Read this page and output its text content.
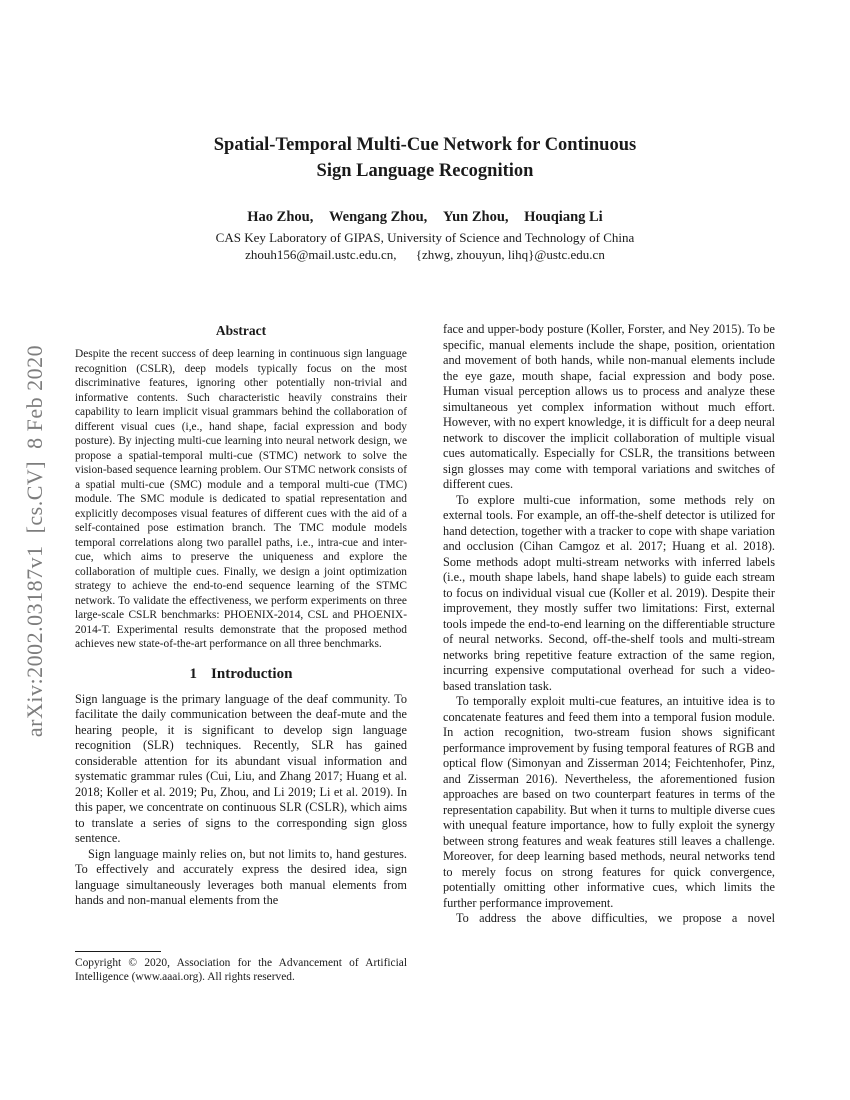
arXiv:2002.03187v1  [cs.CV]  8 Feb 2020
Spatial-Temporal Multi-Cue Network for Continuous
Sign Language Recognition
Hao Zhou, Wengang Zhou, Yun Zhou, Houqiang Li
CAS Key Laboratory of GIPAS, University of Science and Technology of China
zhouh156@mail.ustc.edu.cn, {zhwg, zhouyun, lihq}@ustc.edu.cn
Abstract

Despite the recent success of deep learning in continuous sign language recognition (CSLR), deep models typically focus on the most discriminative features, ignoring other potentially non-trivial and informative contents. Such characteristic heavily constrains their capability to learn implicit visual grammars behind the collaboration of different visual cues (i,e., hand shape, facial expression and body posture). By injecting multi-cue learning into neural network design, we propose a spatial-temporal multi-cue (STMC) network to solve the vision-based sequence learning problem. Our STMC network consists of a spatial multi-cue (SMC) module and a temporal multi-cue (TMC) module. The SMC module is dedicated to spatial representation and explicitly decomposes visual features of different cues with the aid of a self-contained pose estimation branch. The TMC module models temporal correlations along two parallel paths, i.e., intra-cue and inter-cue, which aims to preserve the uniqueness and explore the collaboration of multiple cues. Finally, we design a joint optimization strategy to achieve the end-to-end sequence learning of the STMC network. To validate the effectiveness, we perform experiments on three large-scale CSLR benchmarks: PHOENIX-2014, CSL and PHOENIX-2014-T. Experimental results demonstrate that the proposed method achieves new state-of-the-art performance on all three benchmarks.

1 Introduction

Sign language is the primary language of the deaf community. To facilitate the daily communication between the deaf-mute and the hearing people, it is significant to develop sign language recognition (SLR) techniques. Recently, SLR has gained considerable attention for its abundant visual information and systematic grammar rules (Cui, Liu, and Zhang 2017; Huang et al. 2018; Koller et al. 2019; Pu, Zhou, and Li 2019; Li et al. 2019). In this paper, we concentrate on continuous SLR (CSLR), which aims to translate a series of signs to the corresponding sign gloss sentence.

Sign language mainly relies on, but not limits to, hand gestures. To effectively and accurately express the desired idea, sign language simultaneously leverages both manual elements from hands and non-manual elements from the

Copyright © 2020, Association for the Advancement of Artificial Intelligence (www.aaai.org). All rights reserved.

face and upper-body posture (Koller, Forster, and Ney 2015). To be specific, manual elements include the shape, position, orientation and movement of both hands, while non-manual elements include the eye gaze, mouth shape, facial expression and body pose. Human visual perception allows us to process and analyze these simultaneous yet complex information without much effort. However, with no expert knowledge, it is difficult for a deep neural network to discover the implicit collaboration of multiple visual cues automatically. Especially for CSLR, the transitions between sign glosses may come with temporal variations and switches of different cues.

To explore multi-cue information, some methods rely on external tools. For example, an off-the-shelf detector is utilized for hand detection, together with a tracker to cope with shape variation and occlusion (Cihan Camgoz et al. 2017; Huang et al. 2018). Some methods adopt multi-stream networks with inferred labels (i.e., mouth shape labels, hand shape labels) to guide each stream to focus on individual visual cue (Koller et al. 2019). Despite their improvement, they mostly suffer two limitations: First, external tools impede the end-to-end learning on the differentiable structure of neural networks. Second, off-the-shelf tools and multi-stream networks bring repetitive feature extraction of the same region, incurring expensive computational overhead for such a video-based translation task.

To temporally exploit multi-cue features, an intuitive idea is to concatenate features and feed them into a temporal fusion module. In action recognition, two-stream fusion shows significant performance improvement by fusing temporal features of RGB and optical flow (Simonyan and Zisserman 2014; Feichtenhofer, Pinz, and Zisserman 2016). Nevertheless, the aforementioned fusion approaches are based on two counterpart features in terms of the representation capability. But when it turns to multiple diverse cues with unequal feature importance, how to fully exploit the synergy between strong features and weak features still leaves a challenge. Moreover, for deep learning based methods, neural networks tend to merely focus on strong features for quick convergence, potentially omitting other informative cues, which limits the further performance improvement.

To address the above difficulties, we propose a novel
